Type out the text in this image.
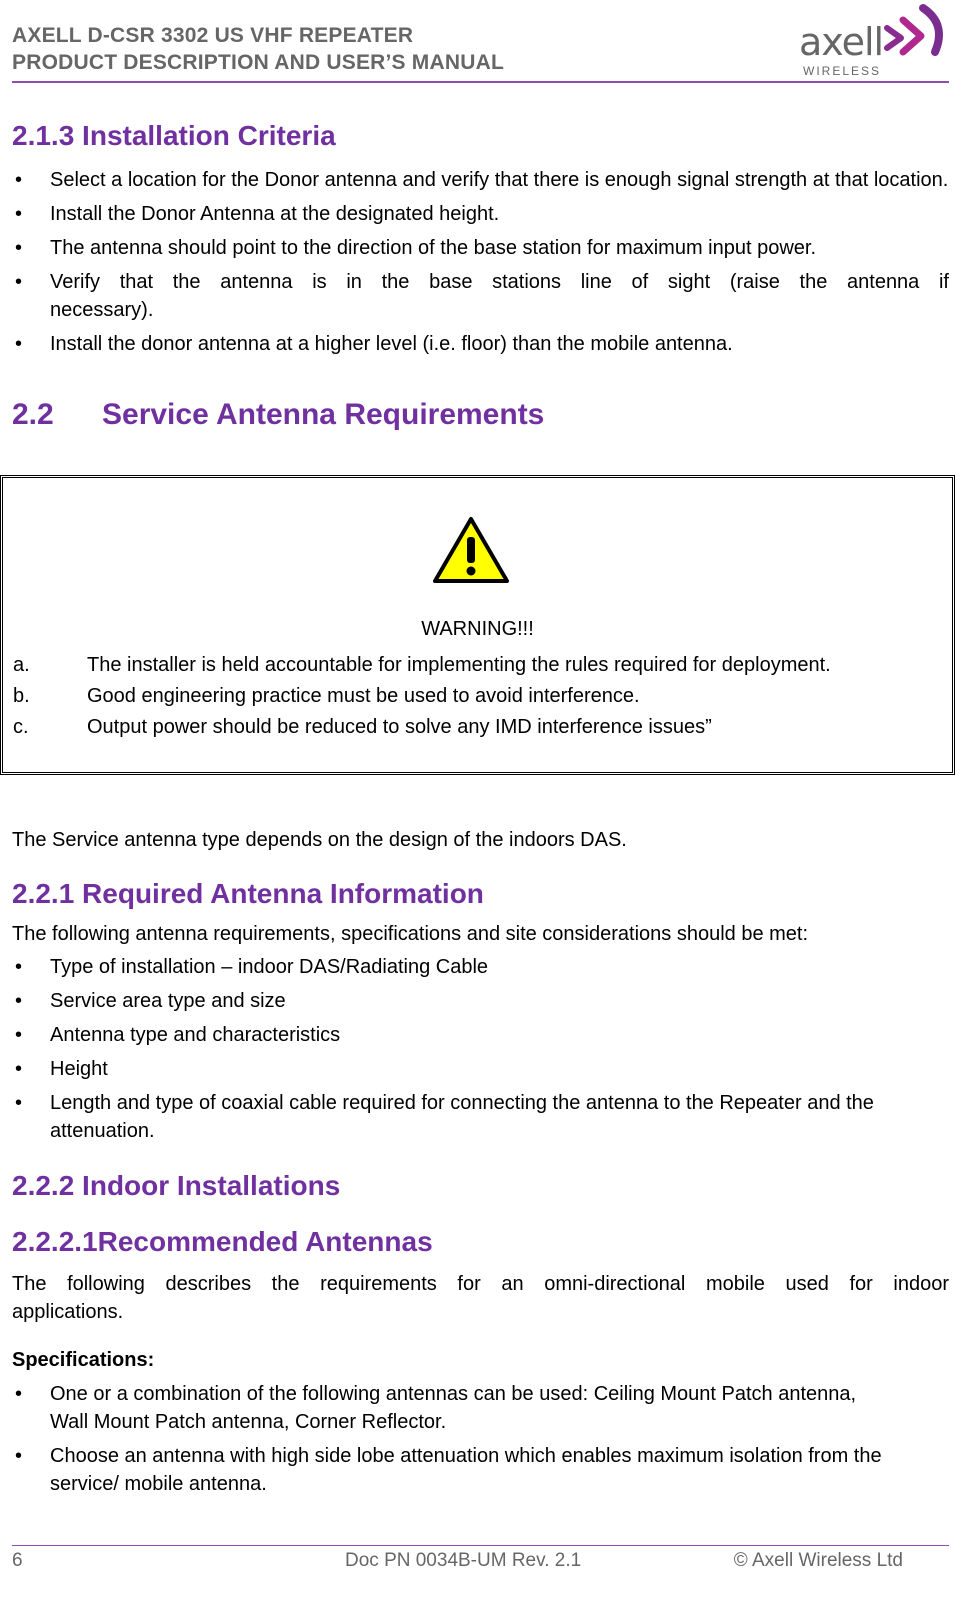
AXELL D-CSR 3302 US VHF REPEATER
PRODUCT DESCRIPTION AND USER’S MANUAL	axell
WIRELESS
2.1.3 Installation Criteria
• Select a location for the Donor antenna and verify that there is enough signal strength at that location.
• Install the Donor Antenna at the designated height.
• The antenna should point to the direction of the base station for maximum input power.
• Verify that the antenna is in the base stations line of sight (raise the antenna if necessary).
• Install the donor antenna at a higher level (i.e. floor) than the mobile antenna.
2.2 Service Antenna Requirements
WARNING!!!
a.	The installer is held accountable for implementing the rules required for deployment.
b.	Good engineering practice must be used to avoid interference.
c.	Output power should be reduced to solve any IMD interference issues”
The Service antenna type depends on the design of the indoors DAS.
2.2.1 Required Antenna Information
The following antenna requirements, specifications and site considerations should be met:
• Type of installation – indoor DAS/Radiating Cable
• Service area type and size
• Antenna type and characteristics
• Height
• Length and type of coaxial cable required for connecting the antenna to the Repeater and the attenuation.
2.2.2 Indoor Installations
2.2.2.1Recommended Antennas
The following describes the requirements for an omni-directional mobile used for indoor applications.
Specifications:
• One or a combination of the following antennas can be used: Ceiling Mount Patch antenna, Wall Mount Patch antenna, Corner Reflector.
• Choose an antenna with high side lobe attenuation which enables maximum isolation from the service/ mobile antenna.
6	Doc PN 0034B-UM Rev. 2.1	© Axell Wireless Ltd
